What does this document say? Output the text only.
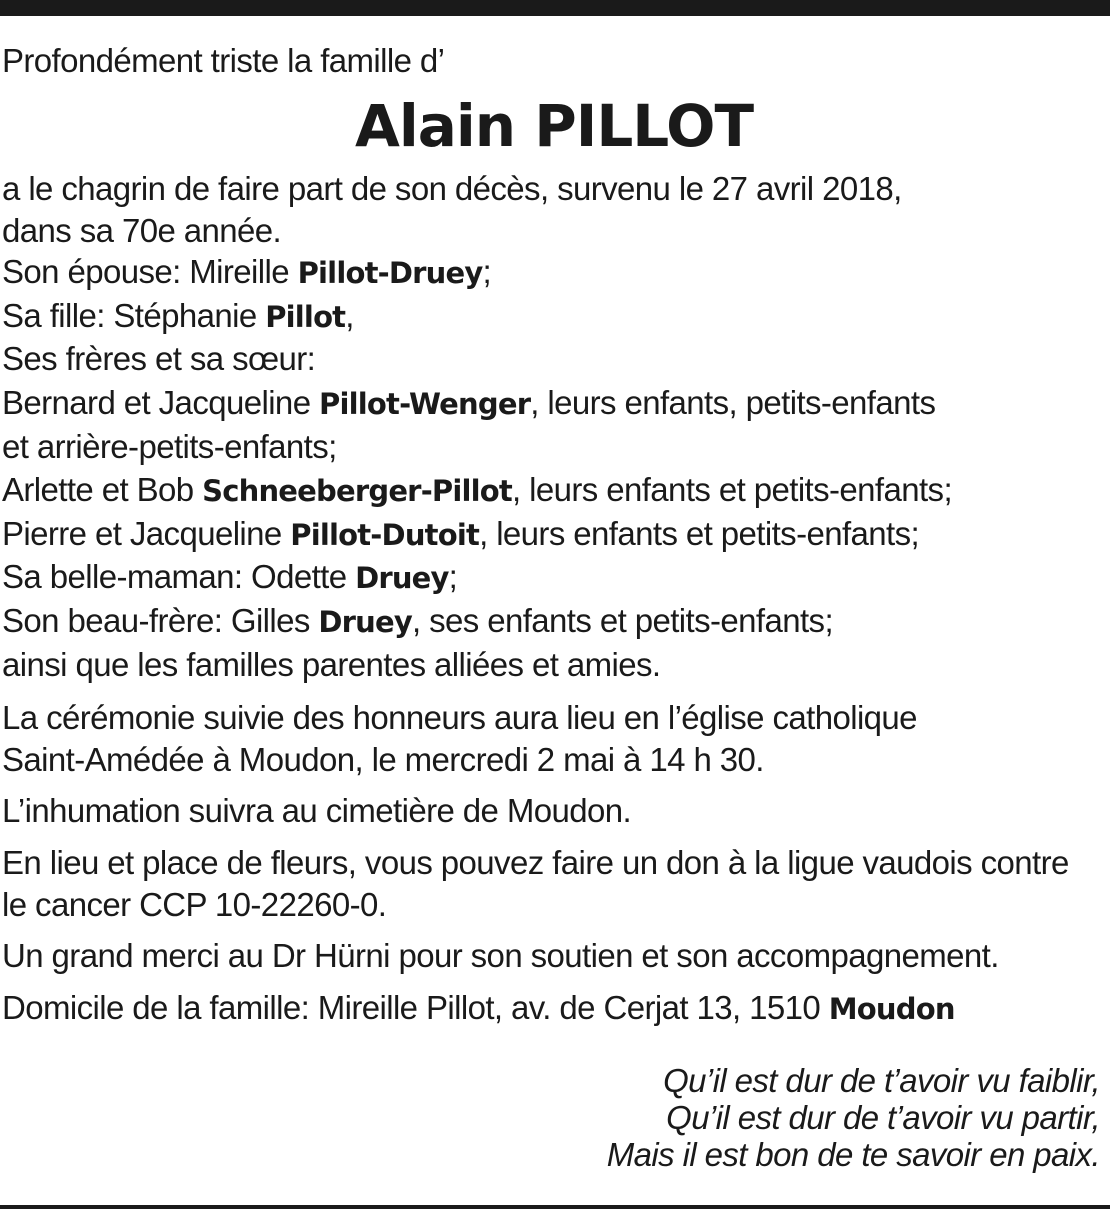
Profondément triste la famille d’
Alain PILLOT
a le chagrin de faire part de son décès, survenu le 27 avril 2018,
dans sa 70e année.
Son épouse: Mireille Pillot-Druey;
Sa fille: Stéphanie Pillot,
Ses frères et sa sœur:
Bernard et Jacqueline Pillot-Wenger, leurs enfants, petits-enfants
et arrière-petits-enfants;
Arlette et Bob Schneeberger-Pillot, leurs enfants et petits-enfants;
Pierre et Jacqueline Pillot-Dutoit, leurs enfants et petits-enfants;
Sa belle-maman: Odette Druey;
Son beau-frère: Gilles Druey, ses enfants et petits-enfants;
ainsi que les familles parentes alliées et amies.
La cérémonie suivie des honneurs aura lieu en l’église catholique
Saint-Amédée à Moudon, le mercredi 2 mai à 14 h 30.
L’inhumation suivra au cimetière de Moudon.
En lieu et place de fleurs, vous pouvez faire un don à la ligue vaudois contre
le cancer CCP 10-22260-0.
Un grand merci au Dr Hürni pour son soutien et son accompagnement.
Domicile de la famille: Mireille Pillot, av. de Cerjat 13, 1510 Moudon
Qu’il est dur de t’avoir vu faiblir,
Qu’il est dur de t’avoir vu partir,
Mais il est bon de te savoir en paix.
